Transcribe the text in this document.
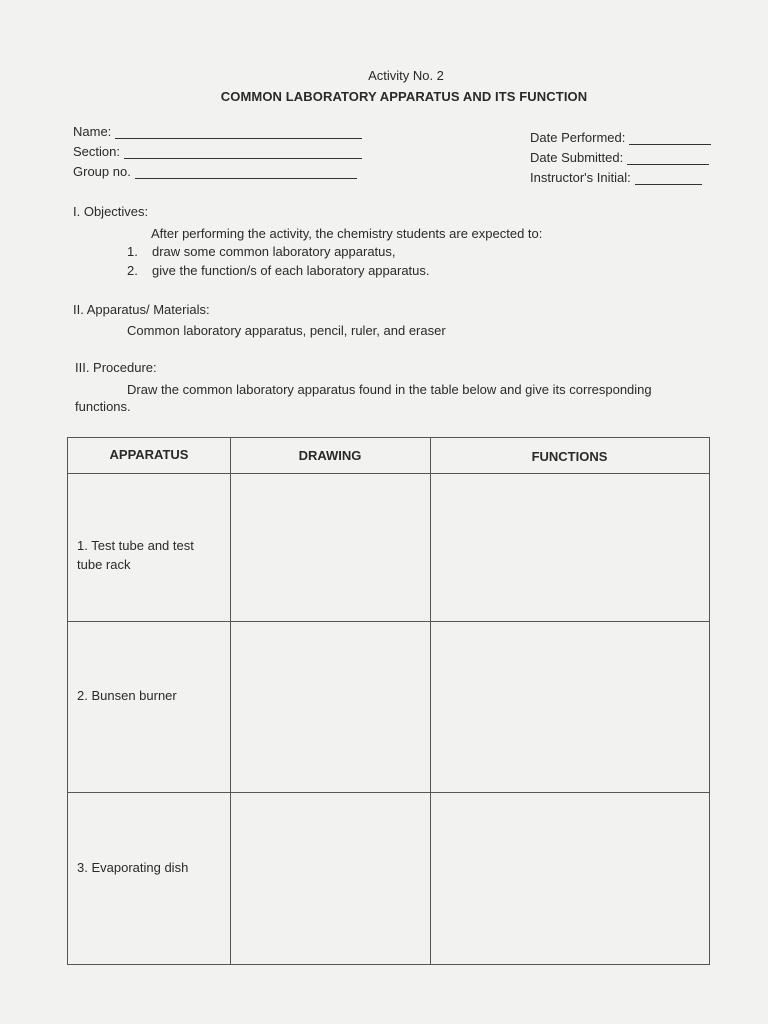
Activity No. 2
COMMON LABORATORY APPARATUS AND ITS FUNCTION
Name:
Section:
Group no.
Date Performed:
Date Submitted:
Instructor's Initial:
I. Objectives:
After performing the activity, the chemistry students are expected to:
1. draw some common laboratory apparatus,
2. give the function/s of each laboratory apparatus.
II. Apparatus/ Materials:
Common laboratory apparatus, pencil, ruler, and eraser
III. Procedure:
Draw the common laboratory apparatus found in the table below and give its corresponding
functions.
APPARATUS	DRAWING	FUNCTIONS
1. Test tube and test tube rack
2. Bunsen burner
3. Evaporating dish
